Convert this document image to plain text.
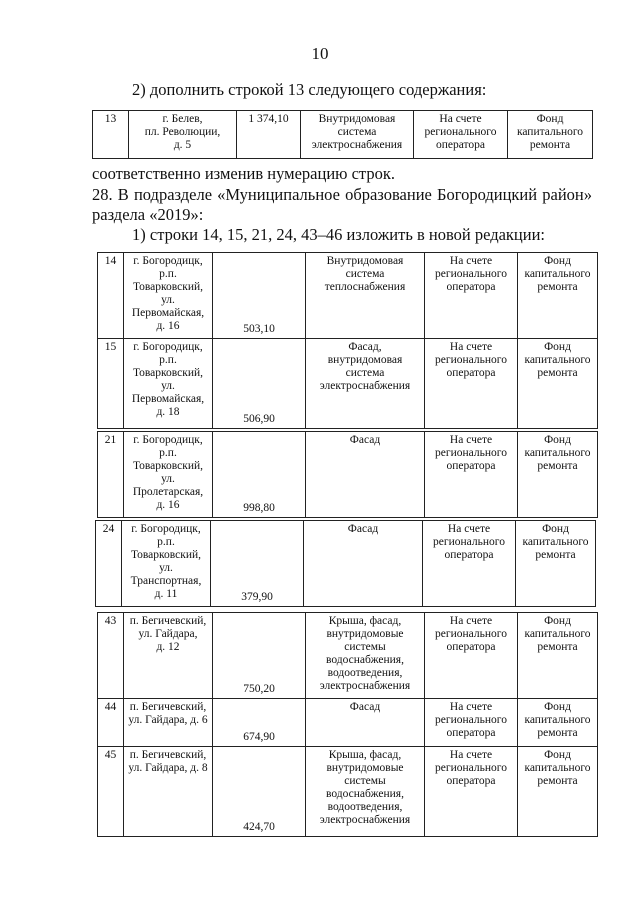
10
2) дополнить строкой 13 следующего содержания:
13	г. Белев,
пл. Революции,
д. 5
	1 374,10	Внутридомовая
система
электроснабжения

На счете
регионального
оператора

Фонд
капитального
ремонта
соответственно изменив нумерацию строк.
28. В подразделе «Муниципальное образование Богородицкий район»
раздела «2019»:
1) строки 14, 15, 21, 24, 43–46 изложить в новой редакции:
14	г. Богородицк,
р.п.
Товарковский,
ул.
Первомайская,
д. 16	503,10	Внутридомовая
система
теплоснабжения	На счете
регионального
оператора	Фонд
капитального
ремонта
15	г. Богородицк,
р.п.
Товарковский,
ул.
Первомайская,
д. 18	506,90	Фасад,
внутридомовая
система
электроснабжения	На счете
регионального
оператора	Фонд
капитального
ремонта
21	г. Богородицк,
р.п.
Товарковский,
ул.
Пролетарская,
д. 16	998,80	Фасад	На счете
регионального
оператора	Фонд
капитального
ремонта
24	г. Богородицк,
р.п.
Товарковский,
ул.
Транспортная,
д. 11	379,90	Фасад	На счете
регионального
оператора	Фонд
капитального
ремонта
43	п. Бегичевский,
ул. Гайдара,
д. 12	750,20	Крыша, фасад,
внутридомовые
системы
водоснабжения,
водоотведения,
электроснабжения	На счете
регионального
оператора	Фонд
капитального
ремонта
44	п. Бегичевский,
ул. Гайдара, д. 6	674,90	Фасад	На счете
регионального
оператора	Фонд
капитального
ремонта
45	п. Бегичевский,
ул. Гайдара, д. 8	424,70	Крыша, фасад,
внутридомовые
системы
водоснабжения,
водоотведения,
электроснабжения	На счете
регионального
оператора	Фонд
капитального
ремонта
